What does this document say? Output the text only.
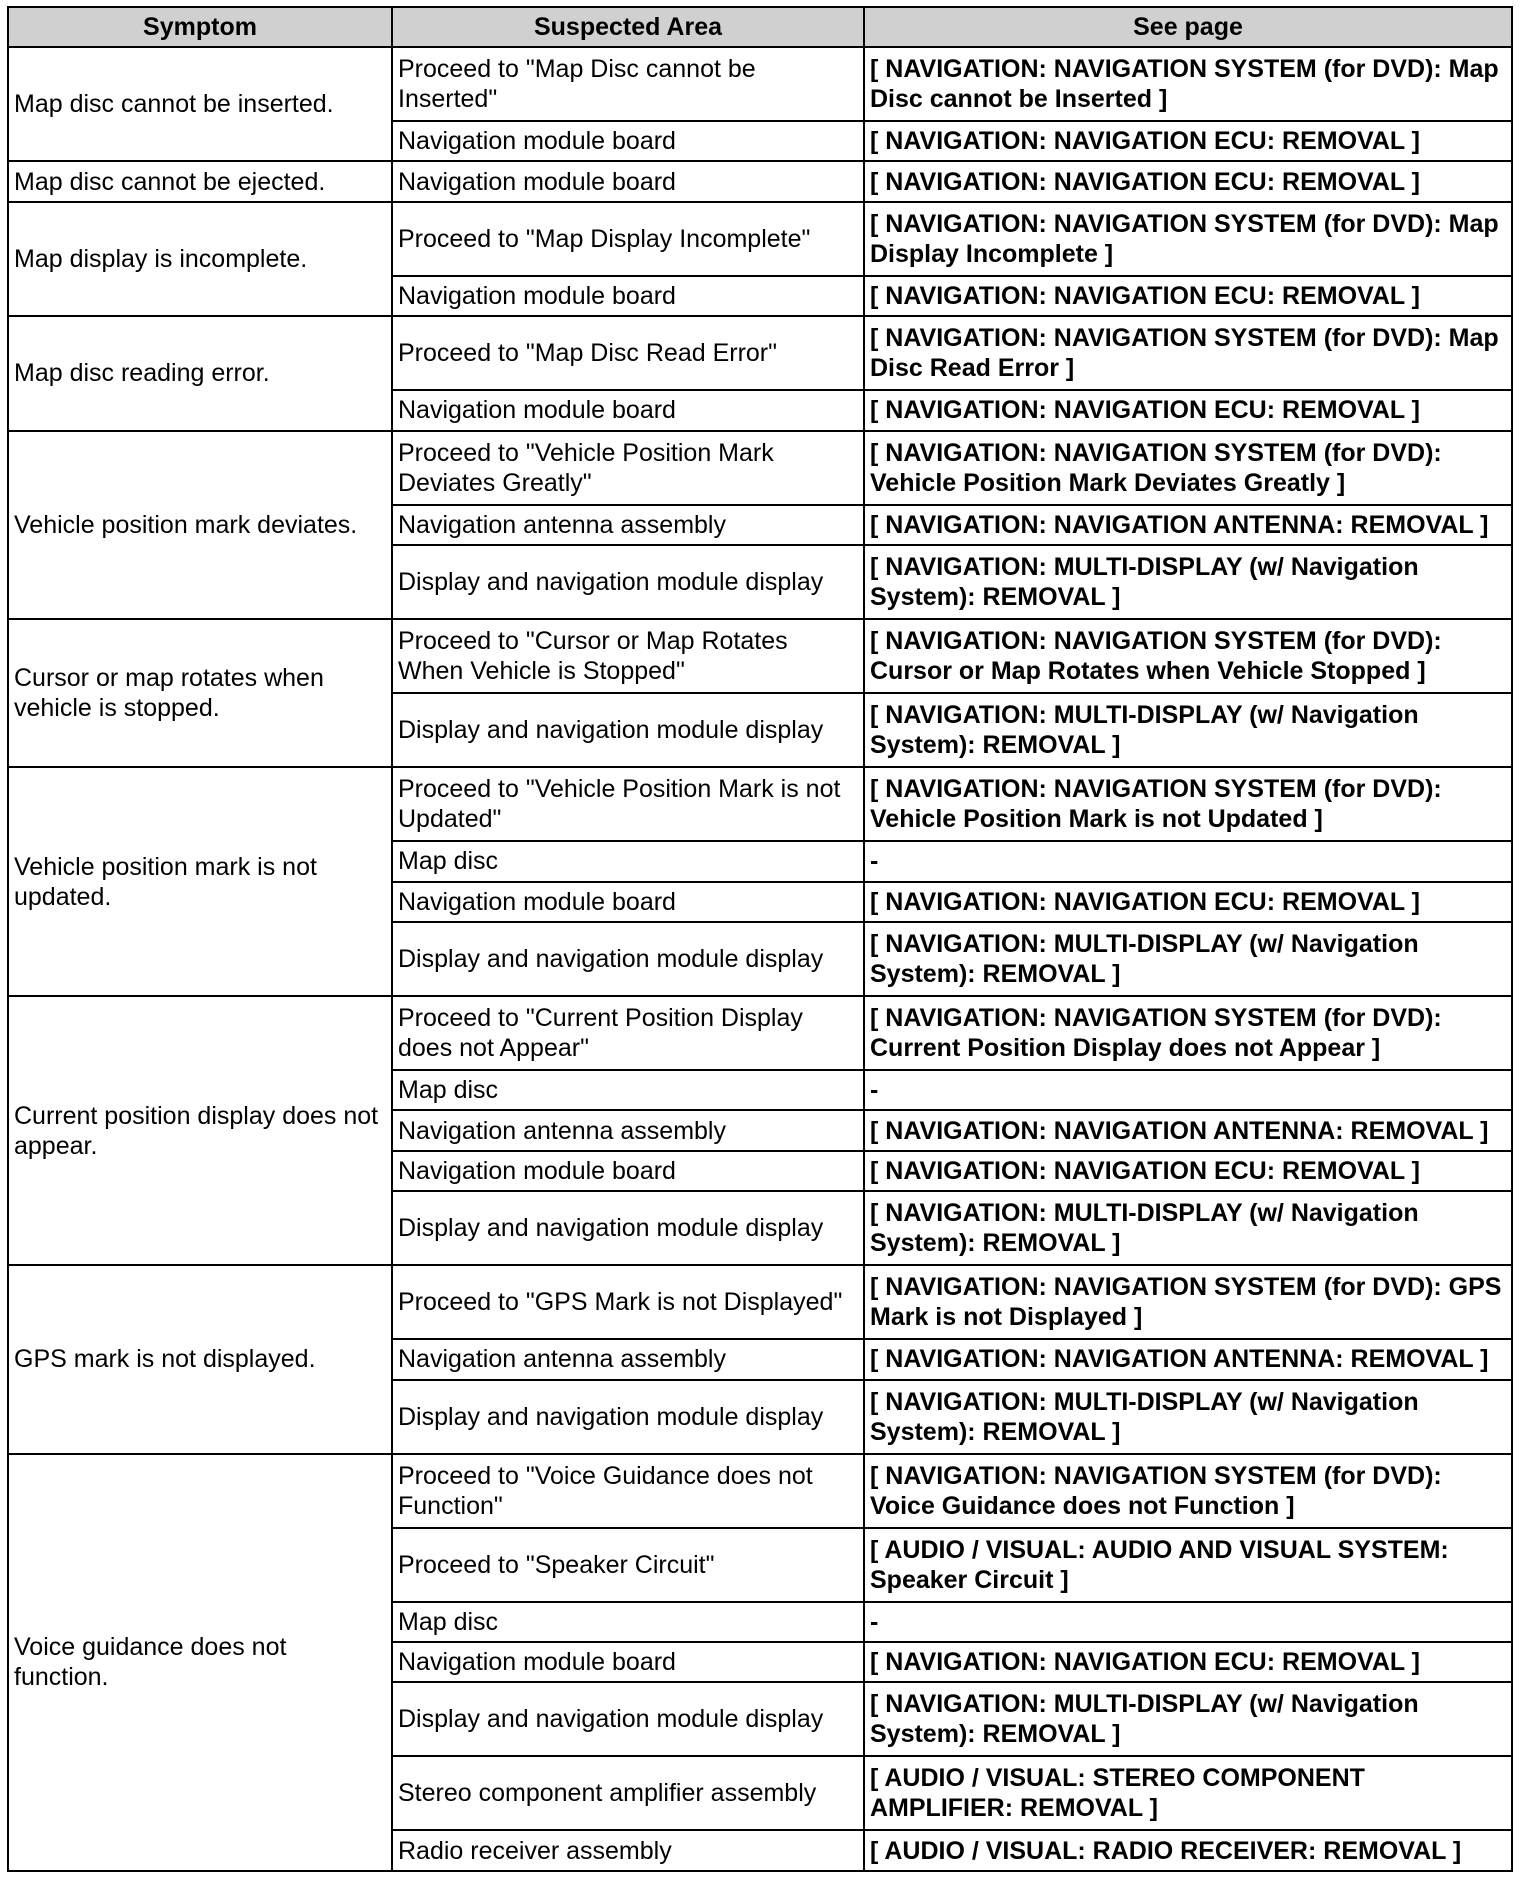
Symptom	Suspected Area	See page
Map disc cannot be inserted.	Proceed to "Map Disc cannot be Inserted"	[ NAVIGATION: NAVIGATION SYSTEM (for DVD): Map Disc cannot be Inserted ]
	Navigation module board	[ NAVIGATION: NAVIGATION ECU: REMOVAL ]
Map disc cannot be ejected.	Navigation module board	[ NAVIGATION: NAVIGATION ECU: REMOVAL ]
Map display is incomplete.	Proceed to "Map Display Incomplete"	[ NAVIGATION: NAVIGATION SYSTEM (for DVD): Map Display Incomplete ]
	Navigation module board	[ NAVIGATION: NAVIGATION ECU: REMOVAL ]
Map disc reading error.	Proceed to "Map Disc Read Error"	[ NAVIGATION: NAVIGATION SYSTEM (for DVD): Map Disc Read Error ]
	Navigation module board	[ NAVIGATION: NAVIGATION ECU: REMOVAL ]
Vehicle position mark deviates.	Proceed to "Vehicle Position Mark Deviates Greatly"	[ NAVIGATION: NAVIGATION SYSTEM (for DVD): Vehicle Position Mark Deviates Greatly ]
	Navigation antenna assembly	[ NAVIGATION: NAVIGATION ANTENNA: REMOVAL ]
	Display and navigation module display	[ NAVIGATION: MULTI-DISPLAY (w/ Navigation System): REMOVAL ]
Cursor or map rotates when vehicle is stopped.	Proceed to "Cursor or Map Rotates When Vehicle is Stopped"	[ NAVIGATION: NAVIGATION SYSTEM (for DVD): Cursor or Map Rotates when Vehicle Stopped ]
	Display and navigation module display	[ NAVIGATION: MULTI-DISPLAY (w/ Navigation System): REMOVAL ]
Vehicle position mark is not updated.	Proceed to "Vehicle Position Mark is not Updated"	[ NAVIGATION: NAVIGATION SYSTEM (for DVD): Vehicle Position Mark is not Updated ]
	Map disc	-
	Navigation module board	[ NAVIGATION: NAVIGATION ECU: REMOVAL ]
	Display and navigation module display	[ NAVIGATION: MULTI-DISPLAY (w/ Navigation System): REMOVAL ]
Current position display does not appear.	Proceed to "Current Position Display does not Appear"	[ NAVIGATION: NAVIGATION SYSTEM (for DVD): Current Position Display does not Appear ]
	Map disc	-
	Navigation antenna assembly	[ NAVIGATION: NAVIGATION ANTENNA: REMOVAL ]
	Navigation module board	[ NAVIGATION: NAVIGATION ECU: REMOVAL ]
	Display and navigation module display	[ NAVIGATION: MULTI-DISPLAY (w/ Navigation System): REMOVAL ]
GPS mark is not displayed.	Proceed to "GPS Mark is not Displayed"	[ NAVIGATION: NAVIGATION SYSTEM (for DVD): GPS Mark is not Displayed ]
	Navigation antenna assembly	[ NAVIGATION: NAVIGATION ANTENNA: REMOVAL ]
	Display and navigation module display	[ NAVIGATION: MULTI-DISPLAY (w/ Navigation System): REMOVAL ]
Voice guidance does not function.	Proceed to "Voice Guidance does not Function"	[ NAVIGATION: NAVIGATION SYSTEM (for DVD): Voice Guidance does not Function ]
	Proceed to "Speaker Circuit"	[ AUDIO / VISUAL: AUDIO AND VISUAL SYSTEM: Speaker Circuit ]
	Map disc	-
	Navigation module board	[ NAVIGATION: NAVIGATION ECU: REMOVAL ]
	Display and navigation module display	[ NAVIGATION: MULTI-DISPLAY (w/ Navigation System): REMOVAL ]
	Stereo component amplifier assembly	[ AUDIO / VISUAL: STEREO COMPONENT AMPLIFIER: REMOVAL ]
	Radio receiver assembly	[ AUDIO / VISUAL: RADIO RECEIVER: REMOVAL ]
